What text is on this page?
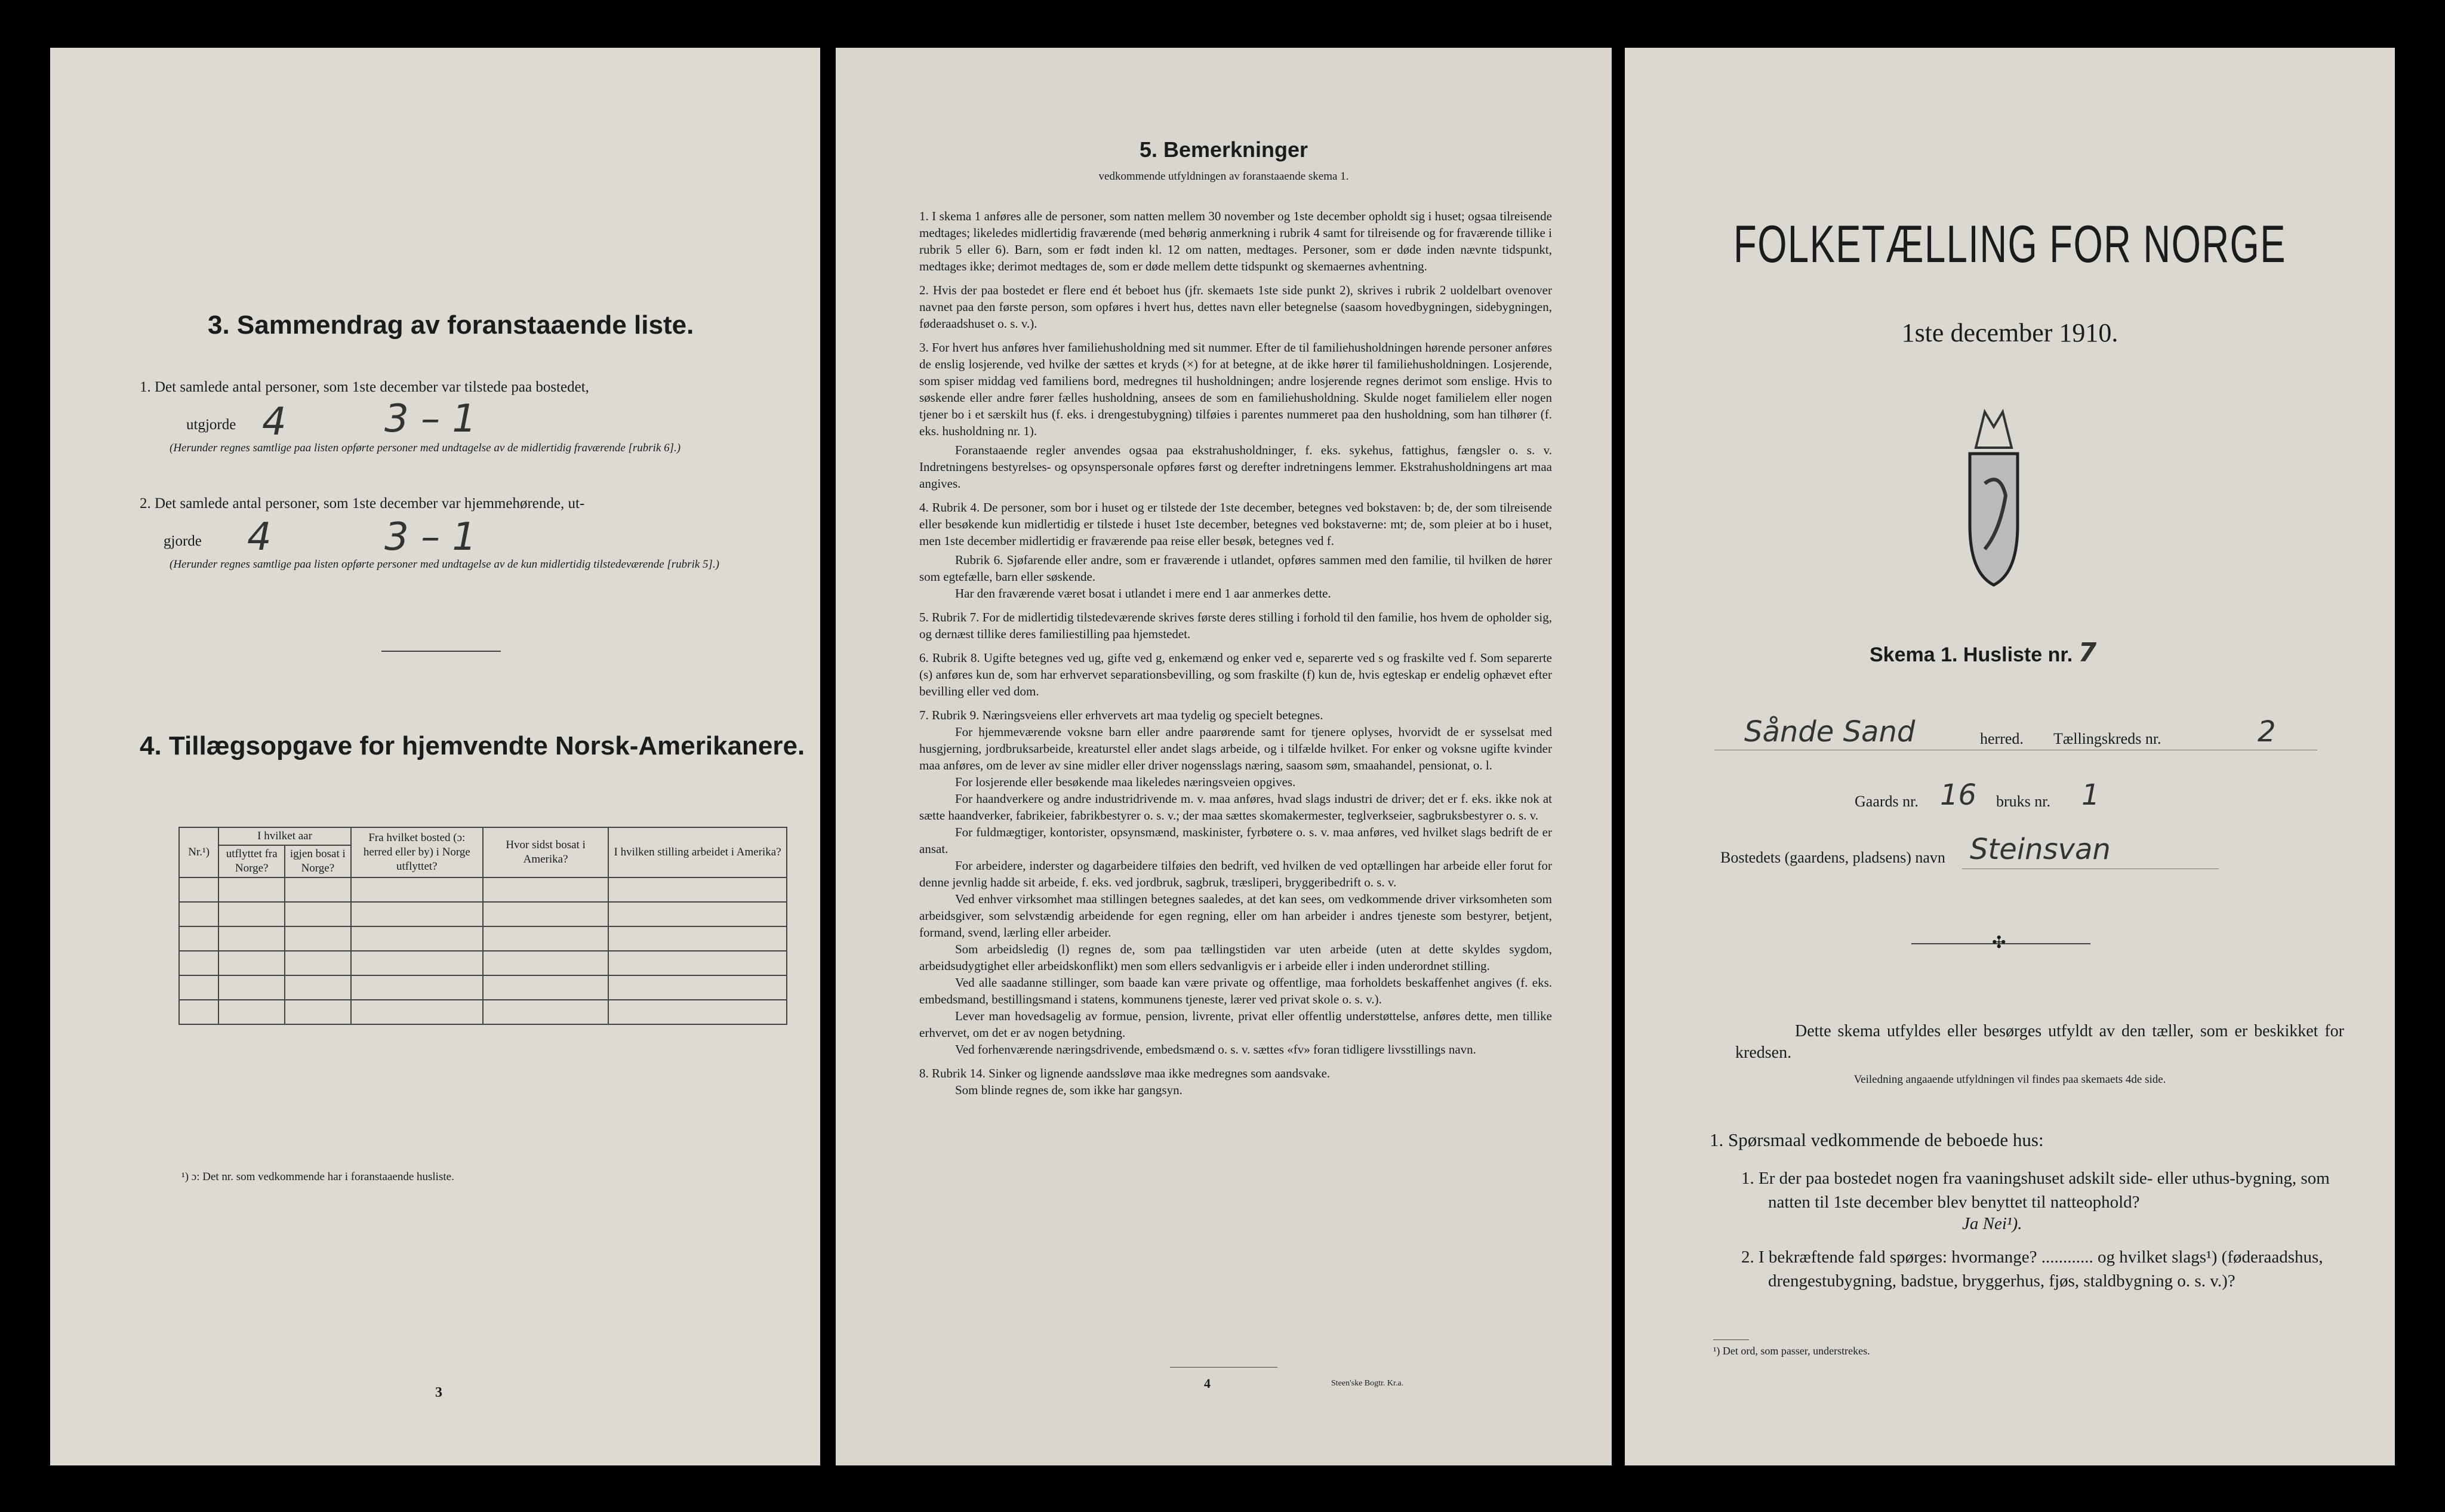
3. Sammendrag av foranstaaende liste.
1. Det samlede antal personer, som 1ste december var tilstede paa bostedet,
utgjorde 4	3 – 1
(Herunder regnes samtlige paa listen opførte personer med undtagelse av de midlertidig fraværende [rubrik 6].)
2. Det samlede antal personer, som 1ste december var hjemmehørende, ut-
gjorde 4	3 – 1
(Herunder regnes samtlige paa listen opførte personer med undtagelse av de kun midlertidig tilstedeværende [rubrik 5].)
4. Tillægsopgave for hjemvendte Norsk-Amerikanere.
Nr.¹)	I hvilket aar		Fra hvilket bosted (ɔ: herred eller by) i Norge utflyttet?	Hvor sidst bosat i Amerika?	I hvilken stilling arbeidet i Amerika?
	utflyttet fra Norge?	igjen bosat i Norge?			

¹) ɔ: Det nr. som vedkommende har i foranstaaende husliste.
3
5. Bemerkninger
vedkommende utfyldningen av foranstaaende skema 1.

1. I skema 1 anføres alle de personer, som natten mellem 30 november og 1ste december opholdt sig i huset; ogsaa tilreisende medtages; likeledes midlertidig fraværende (med behørig anmerkning i rubrik 4 samt for tilreisende og for fraværende tillike i rubrik 5 eller 6). Barn, som er født inden kl. 12 om natten, medtages. Personer, som er døde inden nævnte tidspunkt, medtages ikke; derimot medtages de, som er døde mellem dette tidspunkt og skemaernes avhentning.

2. Hvis der paa bostedet er flere end ét beboet hus (jfr. skemaets 1ste side punkt 2), skrives i rubrik 2 uoldelbart ovenover navnet paa den første person, som opføres i hvert hus, dettes navn eller betegnelse (saasom hovedbygningen, sidebygningen, føderaadshuset o. s. v.).

3. For hvert hus anføres hver familiehusholdning med sit nummer. Efter de til familiehusholdningen hørende personer anføres de enslig losjerende, ved hvilke der sættes et kryds (×) for at betegne, at de ikke hører til familiehusholdningen. Losjerende, som spiser middag ved familiens bord, medregnes til husholdningen; andre losjerende regnes derimot som enslige. Hvis to søskende eller andre fører fælles husholdning, ansees de som en familiehusholdning. Skulde noget familielem eller nogen tjener bo i et særskilt hus (f. eks. i drengestubygning) tilføies i parentes nummeret paa den husholdning, som han tilhører (f. eks. husholdning nr. 1).

Foranstaaende regler anvendes ogsaa paa ekstrahusholdninger, f. eks. sykehus, fattighus, fængsler o. s. v. Indretningens bestyrelses- og opsynspersonale opføres først og derefter indretningens lemmer. Ekstrahusholdningens art maa angives.

4. Rubrik 4. De personer, som bor i huset og er tilstede der 1ste december, betegnes ved bokstaven: b; de, der som tilreisende eller besøkende kun midlertidig er tilstede i huset 1ste december, betegnes ved bokstaverne: mt; de, som pleier at bo i huset, men 1ste december midlertidig er fraværende paa reise eller besøk, betegnes ved f.

Rubrik 6. Sjøfarende eller andre, som er fraværende i utlandet, opføres sammen med den familie, til hvilken de hører som egtefælle, barn eller søskende.

Har den fraværende været bosat i utlandet i mere end 1 aar anmerkes dette.

5. Rubrik 7. For de midlertidig tilstedeværende skrives første deres stilling i forhold til den familie, hos hvem de opholder sig, og dernæst tillike deres familiestilling paa hjemstedet.

6. Rubrik 8. Ugifte betegnes ved ug, gifte ved g, enkemænd og enker ved e, separerte ved s og fraskilte ved f. Som separerte (s) anføres kun de, som har erhvervet separationsbevilling, og som fraskilte (f) kun de, hvis egteskap er endelig ophævet efter bevilling eller ved dom.

7. Rubrik 9. Næringsveiens eller erhvervets art maa tydelig og specielt betegnes.

For hjemmeværende voksne barn eller andre paarørende samt for tjenere oplyses, hvorvidt de er sysselsat med husgjerning, jordbruksarbeide, kreaturstel eller andet slags arbeide, og i tilfælde hvilket. For enker og voksne ugifte kvinder maa anføres, om de lever av sine midler eller driver nogensslags næring, saasom søm, smaahandel, pensionat, o. l.

For losjerende eller besøkende maa likeledes næringsveien opgives.

For haandverkere og andre industridrivende m. v. maa anføres, hvad slags industri de driver; det er f. eks. ikke nok at sætte haandverker, fabrikeier, fabrikbestyrer o. s. v.; der maa sættes skomakermester, teglverkseier, sagbruksbestyrer o. s. v.

For fuldmægtiger, kontorister, opsynsmænd, maskinister, fyrbøtere o. s. v. maa anføres, ved hvilket slags bedrift de er ansat.

For arbeidere, inderster og dagarbeidere tilføies den bedrift, ved hvilken de ved optællingen har arbeide eller forut for denne jevnlig hadde sit arbeide, f. eks. ved jordbruk, sagbruk, træsliperi, bryggeribedrift o. s. v.

Ved enhver virksomhet maa stillingen betegnes saaledes, at det kan sees, om vedkommende driver virksomheten som arbeidsgiver, som selvstændig arbeidende for egen regning, eller om han arbeider i andres tjeneste som bestyrer, betjent, formand, svend, lærling eller arbeider.

Som arbeidsledig (l) regnes de, som paa tællingstiden var uten arbeide (uten at dette skyldes sygdom, arbeidsudygtighet eller arbeidskonflikt) men som ellers sedvanligvis er i arbeide eller i inden underordnet stilling.

Ved alle saadanne stillinger, som baade kan være private og offentlige, maa forholdets beskaffenhet angives (f. eks. embedsmand, bestillingsmand i statens, kommunens tjeneste, lærer ved privat skole o. s. v.).

Lever man hovedsagelig av formue, pension, livrente, privat eller offentlig understøttelse, anføres dette, men tillike erhvervet, om det er av nogen betydning.

Ved forhenværende næringsdrivende, embedsmænd o. s. v. sættes «fv» foran tidligere livsstillings navn.

8. Rubrik 14. Sinker og lignende aandssløve maa ikke medregnes som aandsvake.

Som blinde regnes de, som ikke har gangsyn.

4	Steen'ske Bogtr. Kr.a.
FOLKETÆLLING FOR NORGE
1ste december 1910.
Skema 1. Husliste nr. 7
Sånde Sand	herred. Tællingskreds nr.	2
Gaards nr. 16 bruks nr. 1
Bostedets (gaardens, pladsens) navn Steinsvan
✣
Dette skema utfyldes eller besørges utfyldt av den tæller, som er beskikket for kredsen.
Veiledning angaaende utfyldningen vil findes paa skemaets 4de side.
1. Spørsmaal vedkommende de beboede hus:
1. Er der paa bostedet nogen fra vaaningshuset adskilt side- eller uthus-bygning, som natten til 1ste december blev benyttet til natteophold?
Ja Nei¹).
2. I bekræftende fald spørges: hvormange? ............ og hvilket slags¹) (føderaadshus, drengestubygning, badstue, bryggerhus, fjøs, staldbygning o. s. v.)?
¹) Det ord, som passer, understrekes.
